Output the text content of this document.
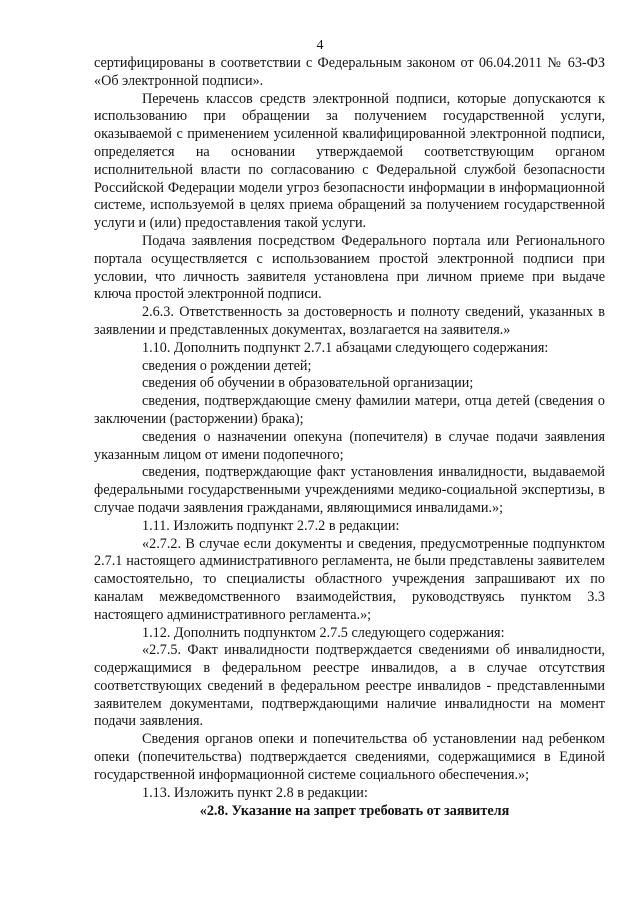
4

сертифицированы в соответствии с Федеральным законом от 06.04.2011 № 63-ФЗ «Об электронной подписи».

Перечень классов средств электронной подписи, которые допускаются к использованию при обращении за получением государственной услуги, оказываемой с применением усиленной квалифицированной электронной подписи, определяется на основании утверждаемой соответствующим органом исполнительной власти по согласованию с Федеральной службой безопасности Российской Федерации модели угроз безопасности информации в информационной системе, используемой в целях приема обращений за получением государственной услуги и (или) предоставления такой услуги.

Подача заявления посредством Федерального портала или Регионального портала осуществляется с использованием простой электронной подписи при условии, что личность заявителя установлена при личном приеме при выдаче ключа простой электронной подписи.

2.6.3. Ответственность за достоверность и полноту сведений, указанных в заявлении и представленных документах, возлагается на заявителя.»

1.10. Дополнить подпункт 2.7.1 абзацами следующего содержания:

сведения о рождении детей;

сведения об обучении в образовательной организации;

сведения, подтверждающие смену фамилии матери, отца детей (сведения о заключении (расторжении) брака);

сведения о назначении опекуна (попечителя) в случае подачи заявления указанным лицом от имени подопечного;

сведения, подтверждающие факт установления инвалидности, выдаваемой федеральными государственными учреждениями медико-социальной экспертизы, в случае подачи заявления гражданами, являющимися инвалидами.»;

1.11. Изложить подпункт 2.7.2 в редакции:

«2.7.2. В случае если документы и сведения, предусмотренные подпунктом 2.7.1 настоящего административного регламента, не были представлены заявителем самостоятельно, то специалисты областного учреждения запрашивают их по каналам межведомственного взаимодействия, руководствуясь пунктом 3.3 настоящего административного регламента.»;

1.12. Дополнить подпунктом 2.7.5 следующего содержания:

«2.7.5. Факт инвалидности подтверждается сведениями об инвалидности, содержащимися в федеральном реестре инвалидов, а в случае отсутствия соответствующих сведений в федеральном реестре инвалидов - представленными заявителем документами, подтверждающими наличие инвалидности на момент подачи заявления.

Сведения органов опеки и попечительства об установлении над ребенком опеки (попечительства) подтверждается сведениями, содержащимися в Единой государственной информационной системе социального обеспечения.»;

1.13. Изложить пункт 2.8 в редакции:

«2.8. Указание на запрет требовать от заявителя
